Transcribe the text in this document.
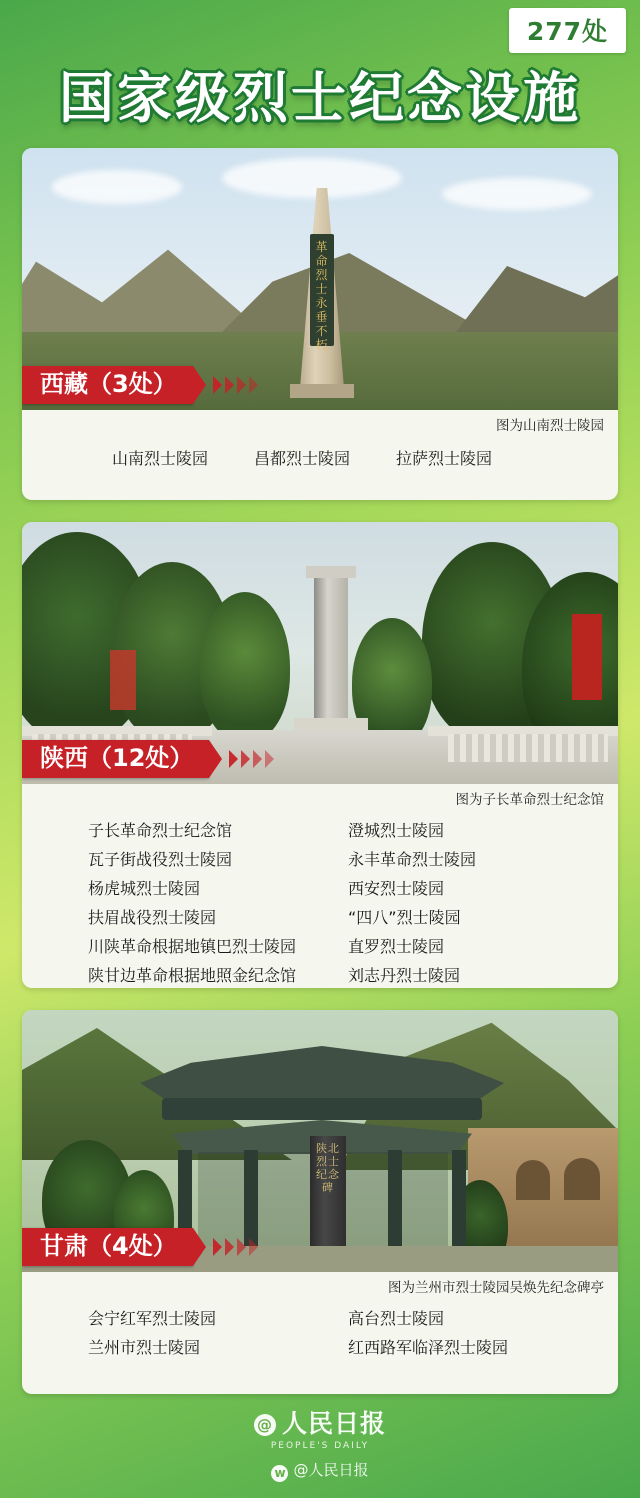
277处
国家级烈士纪念设施
革命烈士永垂不朽
西藏（3处）
图为山南烈士陵园
山南烈士陵园	昌都烈士陵园	拉萨烈士陵园
陕西（12处）
图为子长革命烈士纪念馆
子长革命烈士纪念馆	澄城烈士陵园
瓦子街战役烈士陵园	永丰革命烈士陵园
杨虎城烈士陵园	西安烈士陵园
扶眉战役烈士陵园	“四八”烈士陵园
川陕革命根据地镇巴烈士陵园	直罗烈士陵园
陕甘边革命根据地照金纪念馆	刘志丹烈士陵园
陕北烈士纪念碑
甘肃（4处）
图为兰州市烈士陵园吴焕先纪念碑亭
会宁红军烈士陵园	高台烈士陵园
兰州市烈士陵园	红西路军临泽烈士陵园
@ 人民日报
PEOPLE'S DAILY
w @人民日报
